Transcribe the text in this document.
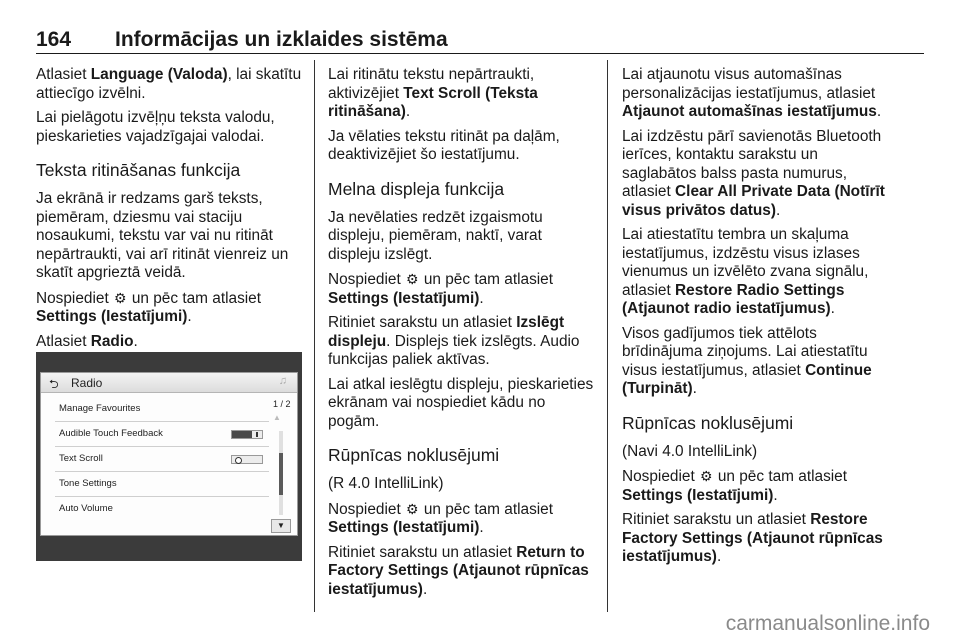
164 Informācijas un izklaides sistēma

Atlasiet Language (Valoda), lai skatītu attiecīgo izvēlni.

Lai pielāgotu izvēļņu teksta valodu, pieskarieties vajadzīgajai valodai.

Teksta ritināšanas funkcija

Ja ekrānā ir redzams garš teksts, piemēram, dziesmu vai staciju nosaukumi, tekstu var vai nu ritināt nepārtraukti, vai arī ritināt vienreiz un skatīt apgrieztā veidā.

Nospiediet ⚙ un pēc tam atlasiet Settings (Iestatījumi).

Atlasiet Radio.

⮌ Radio	♫
Manage Favourites
Audible Touch Feedback
Text Scroll
Tone Settings
Auto Volume
1 / 2
▲
▼

Lai ritinātu tekstu nepārtraukti, aktivizējiet Text Scroll (Teksta ritināšana).

Ja vēlaties tekstu ritināt pa daļām, deaktivizējiet šo iestatījumu.

Melna displeja funkcija

Ja nevēlaties redzēt izgaismotu displeju, piemēram, naktī, varat displeju izslēgt.

Nospiediet ⚙ un pēc tam atlasiet Settings (Iestatījumi).

Ritiniet sarakstu un atlasiet Izslēgt displeju. Displejs tiek izslēgts. Audio funkcijas paliek aktīvas.

Lai atkal ieslēgtu displeju, pieskarieties ekrānam vai nospiediet kādu no pogām.

Rūpnīcas noklusējumi

(R 4.0 IntelliLink)

Nospiediet ⚙ un pēc tam atlasiet Settings (Iestatījumi).

Ritiniet sarakstu un atlasiet Return to Factory Settings (Atjaunot rūpnīcas iestatījumus).

Lai atjaunotu visus automašīnas personalizācijas iestatījumus, atlasiet Atjaunot automašīnas iestatījumus.

Lai izdzēstu pārī savienotās Bluetooth ierīces, kontaktu sarakstu un saglabātos balss pasta numurus, atlasiet Clear All Private Data (Notīrīt visus privātos datus).

Lai atiestatītu tembra un skaļuma iestatījumus, izdzēstu visus izlases vienumus un izvēlēto zvana signālu, atlasiet Restore Radio Settings (Atjaunot radio iestatījumus).

Visos gadījumos tiek attēlots brīdinājuma ziņojums. Lai atiestatītu visus iestatījumus, atlasiet Continue (Turpināt).

Rūpnīcas noklusējumi

(Navi 4.0 IntelliLink)

Nospiediet ⚙ un pēc tam atlasiet Settings (Iestatījumi).

Ritiniet sarakstu un atlasiet Restore Factory Settings (Atjaunot rūpnīcas iestatījumus).

carmanualsonline.info
